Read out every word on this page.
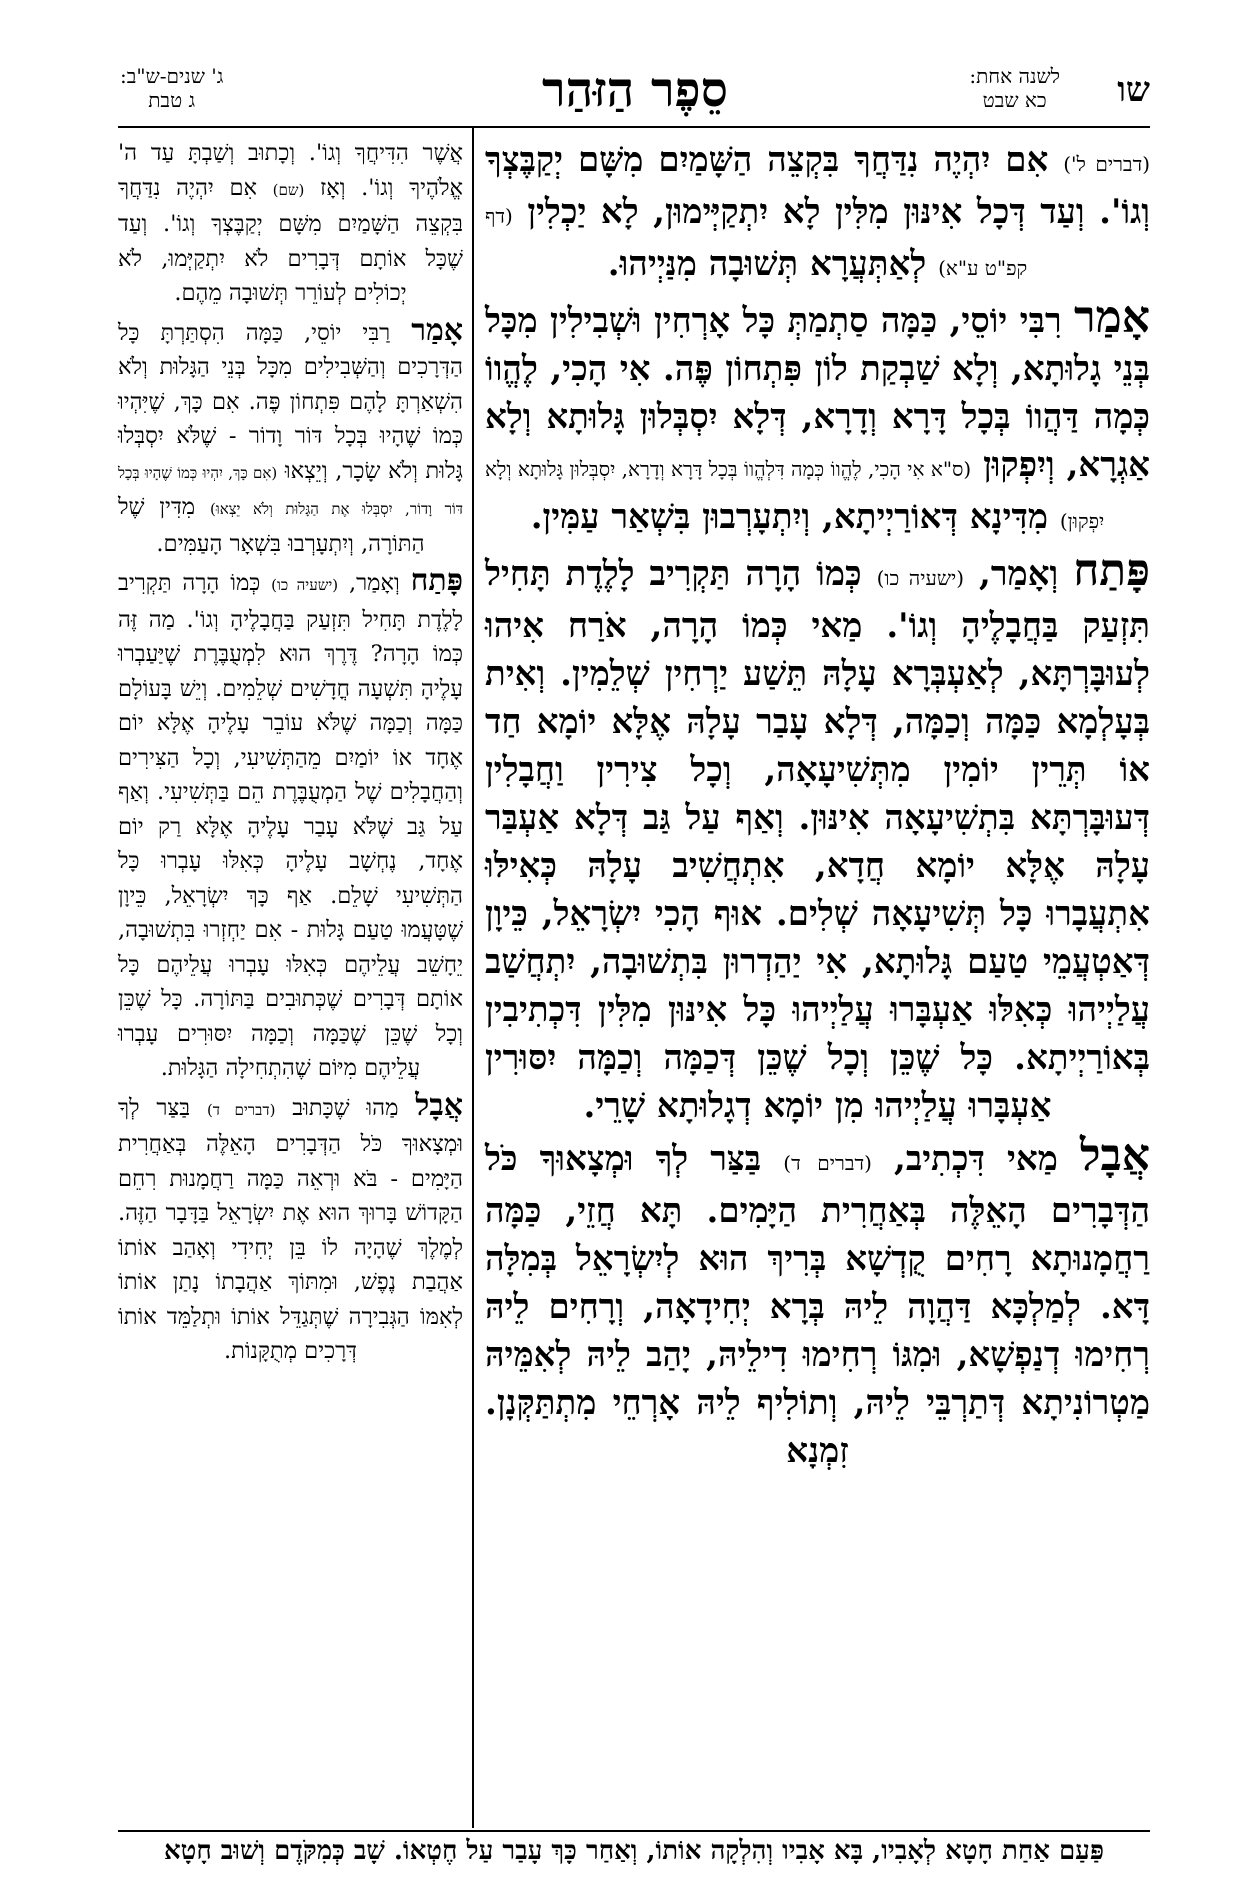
שו
לשנה אחת:
כא שבט
סֵפֶר הַזּהַר
ג' שנים-ש"ב:
ג טבת

(דברים ל') אִם יִהְיֶה נִדַּחֲךָ בִּקְצֵה הַשָּׁמַיִם מִשָּׁם יְקַבֶּצְךָ וְגוֹ'. וְעַד דְּכָל אִינּוּן מִלִּין לָא יִתְקַיְּימוּן, לָא יַכְלִין (דף קפ"ט ע"א) לְאַתְּעֲרָא תְּשׁוּבָה מִנַּיְיהוּ.

אָמַר רִבִּי יוֹסֵי, כַּמָּה סַתְמַתְּ כָּל אָרְחִין וּשְׁבִילִין מִכָּל בְּנֵי גָלוּתָא, וְלָא שַׁבְקַת לוֹן פִּתְחוֹן פֶּה. אִי הָכִי, לֶהֱווֹ כְּמָה דַּהֲווֹ בְּכָל דָּרָא וְדָרָא, דְּלָא יִסְבְּלוּן גָּלוּתָא וְלָא אַגְרָא, וְיִפְקוּן (ס"א אִי הָכִי, לֶהֱווֹ כְּמָה דִּלְהֱווֹ בְּכָל דָּרָא וְדָרָא, יִסְבְּלוּן גָּלוּתָא וְלָא יִפְקוּן) מִדִּינָא דְּאוֹרַיְיתָא, וְיִתְעָרְבוּן בִּשְׁאַר עַמִּין.

פָּתַח וְאָמַר, (ישעיה כו) כְּמוֹ הָרָה תַּקְרִיב לָלֶדֶת תָּחִיל תִּזְעַק בַּחֲבָלֶיהָ וְגוֹ'. מַאי כְּמוֹ הָרָה, אֹרַח אִיהוּ לְעוּבָּרְתָּא, לְאַעְבְּרָא עָלָהּ תֵּשַׁע יַרְחִין שְׁלֵמִין. וְאִית בְּעָלְמָא כַּמָּה וְכַמָּה, דְּלָא עָבַר עָלָהּ אֶלָּא יוֹמָא חַד אוֹ תְּרֵין יוֹמִין מִתְּשִׁיעָאָה, וְכָל צִירִין וַחֲבָלִין דְּעוּבָּרְתָּא בִּתְשִׁיעָאָה אִינּוּן. וְאַף עַל גַּב דְּלָא אַעְבַּר עָלָהּ אֶלָּא יוֹמָא חֲדָא, אִתְחֲשִׁיב עָלָהּ כְּאִילּוּ אִתְעֲבָרוּ כָּל תְּשִׁיעָאָה שְׁלִים. אוּף הָכִי יִשְׂרָאֵל, כֵּיוָן דְּאַטְעֲמֵי טַעַם גָּלוּתָא, אִי יַהַדְרוּן בִּתְשׁוּבָה, יִתְחֲשַׁב עֲלַיְיהוּ כְּאִלּוּ אַעְבָּרוּ עֲלַיְיהוּ כָּל אִינּוּן מִלִּין דִּכְתִיבִין בְּאוֹרַיְיתָא. כָּל שֶׁכֵּן וְכָל שֶׁכֵּן דְּכַמָּה וְכַמָּה יִסּוּרִין אַעְבָּרוּ עֲלַיְיהוּ מִן יוֹמָא דְגָלוּתָא שָׁרֵי.

אֲבָל מַאי דִּכְתִיב, (דברים ד) בַּצַּר לְךָ וּמְצָאוּךָ כֹּל הַדְּבָרִים הָאֵלֶּה בְּאַחֲרִית הַיָּמִים. תָּא חֲזֵי, כַּמָּה רַחֲמָנוּתָא רָחִים קֻדְשָׁא בְּרִיךְ הוּא לְיִשְׂרָאֵל בְּמִלָּה דָּא. לְמַלְכָּא דַּהֲוָה לֵיהּ בְּרָא יְחִידָאָה, וְרָחִים לֵיהּ רְחִימוּ דְנַפְשָׁא, וּמִגּוֹ רְחִימוּ דִילֵיהּ, יָהַב לֵיהּ לְאִמֵּיהּ מַטְרוֹנִיתָא דְּתַרְבֵּי לֵיהּ, וְתוֹלִיף לֵיהּ אָרְחֵי מִתְתַּקְּנָן. זִמְנָא

אֲשֶׁר הִדִּיחֲךָ וְגוֹ'. וְכָתוּב וְשַׁבְתָּ עַד ה' אֱלֹהֶיךָ וְגוֹ'. וְאָז (שם) אִם יִהְיֶה נִדַּחֲךָ בִּקְצֵה הַשָּׁמַיִם מִשָּׁם יְקַבֶּצְךָ וְגוֹ'. וְעַד שֶׁכָּל אוֹתָם דְּבָרִים לֹא יִתְקַיְּמוּ, לֹא יְכוֹלִים לְעוֹרֵר תְּשׁוּבָה מֵהֶם.

אָמַר רַבִּי יוֹסֵי, כַּמָּה הִסְתַּרְתָּ כָּל הַדְּרָכִים וְהַשְּׁבִילִים מִכָּל בְּנֵי הַגָּלוּת וְלֹא הִשְׁאַרְתָּ לָהֶם פִּתְחוֹן פֶּה. אִם כָּךְ, שֶׁיִּהְיוּ כְּמוֹ שֶׁהָיוּ בְּכָל דּוֹר וָדוֹר - שֶׁלֹּא יִסְבְּלוּ גָּלוּת וְלֹא שָׂכָר, וְיֵצְאוּ (אִם כָּךְ, יִהְיוּ כְּמוֹ שֶׁהָיוּ בְּכָל דּוֹר וָדוֹר, יִסְבְּלוּ אֶת הַגָּלוּת וְלֹא יֵצְאוּ) מִדִּין שֶׁל הַתּוֹרָה, וְיִתְעָרְבוּ בִּשְׁאָר הָעַמִּים.

פָּתַח וְאָמַר, (ישעיה כו) כְּמוֹ הָרָה תַּקְרִיב לָלֶדֶת תָּחִיל תִּזְעַק בַּחֲבָלֶיהָ וְגוֹ'. מַה זֶּה כְּמוֹ הָרָה? דֶּרֶךְ הוּא לִמְעֻבֶּרֶת שֶׁיַּעַבְרוּ עָלֶיהָ תִּשְׁעָה חֳדָשִׁים שְׁלֵמִים. וְיֵשׁ בָּעוֹלָם כַּמָּה וְכַמָּה שֶׁלֹּא עוֹבֵר עָלֶיהָ אֶלָּא יוֹם אֶחָד אוֹ יוֹמַיִם מֵהַתְּשִׁיעִי, וְכָל הַצִּירִים וְהַחֲבָלִים שֶׁל הַמְעֻבֶּרֶת הֵם בַּתְּשִׁיעִי. וְאַף עַל גַּב שֶׁלֹּא עָבַר עָלֶיהָ אֶלָּא רַק יוֹם אֶחָד, נֶחְשָׁב עָלֶיהָ כְּאִלּוּ עָבְרוּ כָּל הַתְּשִׁיעִי שָׁלֵם. אַף כָּךְ יִשְׂרָאֵל, כֵּיוָן שֶׁטָּעֲמוּ טַעַם גָּלוּת - אִם יַחְזְרוּ בִּתְשׁוּבָה, יֵחָשֵׁב עֲלֵיהֶם כְּאִלּוּ עָבְרוּ עֲלֵיהֶם כָּל אוֹתָם דְּבָרִים שֶׁכְּתוּבִים בַּתּוֹרָה. כָּל שֶׁכֵּן וְכָל שֶׁכֵּן שֶׁכַּמָּה וְכַמָּה יִסּוּרִים עָבְרוּ עֲלֵיהֶם מִיּוֹם שֶׁהִתְחִילָה הַגָּלוּת.

אֲבָל מַהוּ שֶׁכָּתוּב (דברים ד) בַּצַּר לְךָ וּמְצָאוּךָ כֹּל הַדְּבָרִים הָאֵלֶּה בְּאַחֲרִית הַיָּמִים - בֹּא וּרְאֵה כַּמָּה רַחֲמָנוּת רִחֵם הַקָּדוֹשׁ בָּרוּךְ הוּא אֶת יִשְׂרָאֵל בַּדָּבָר הַזֶּה. לְמֶלֶךְ שֶׁהָיָה לוֹ בֵּן יְחִידִי וְאָהַב אוֹתוֹ אַהֲבַת נֶפֶשׁ, וּמִתּוֹךְ אַהֲבָתוֹ נָתַן אוֹתוֹ לְאִמּוֹ הַגְּבִירָה שֶׁתְּגַדֵּל אוֹתוֹ וּתְלַמֵּד אוֹתוֹ דְּרָכִים מְתֻקָּנוֹת.

פַּעַם אַחַת חָטָא לְאָבִיו, בָּא אָבִיו וְהִלְקָה אוֹתוֹ, וְאַחַר כָּךְ עָבַר עַל חֶטְאוֹ. שָׁב כְּמִקֹּדֶם וְשׁוּב חָטָא
